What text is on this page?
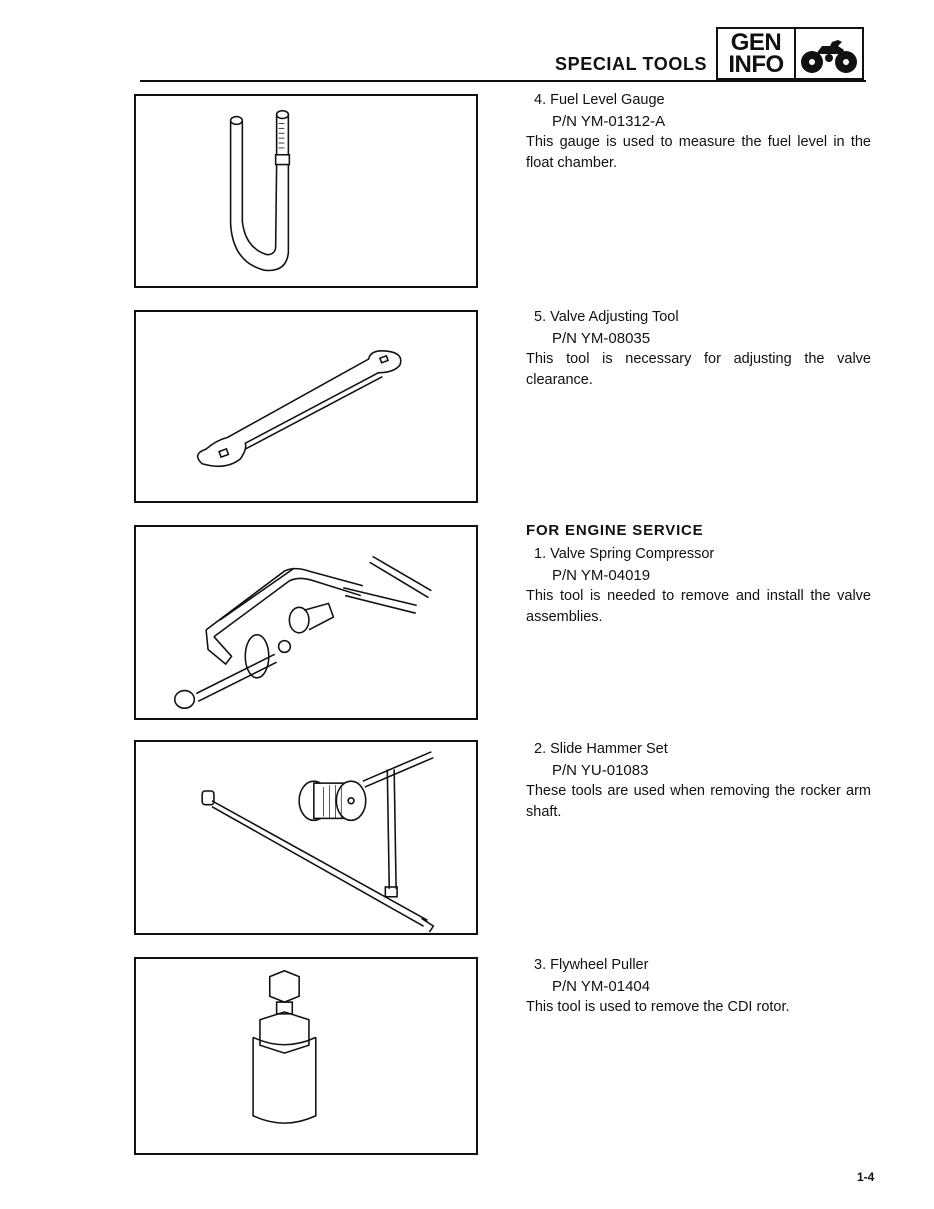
SPECIAL TOOLS
GEN
INFO
4. Fuel Level Gauge
P/N YM-01312-A
This gauge is used to measure the fuel level in the float chamber.
5. Valve Adjusting Tool
P/N YM-08035
This tool is necessary for adjusting the valve clearance.
FOR ENGINE SERVICE
1. Valve Spring Compressor
P/N YM-04019
This tool is needed to remove and install the valve assemblies.
2. Slide Hammer Set
P/N YU-01083
These tools are used when removing the rocker arm shaft.
3. Flywheel Puller
P/N YM-01404
This tool is used to remove the CDI rotor.
1-4
